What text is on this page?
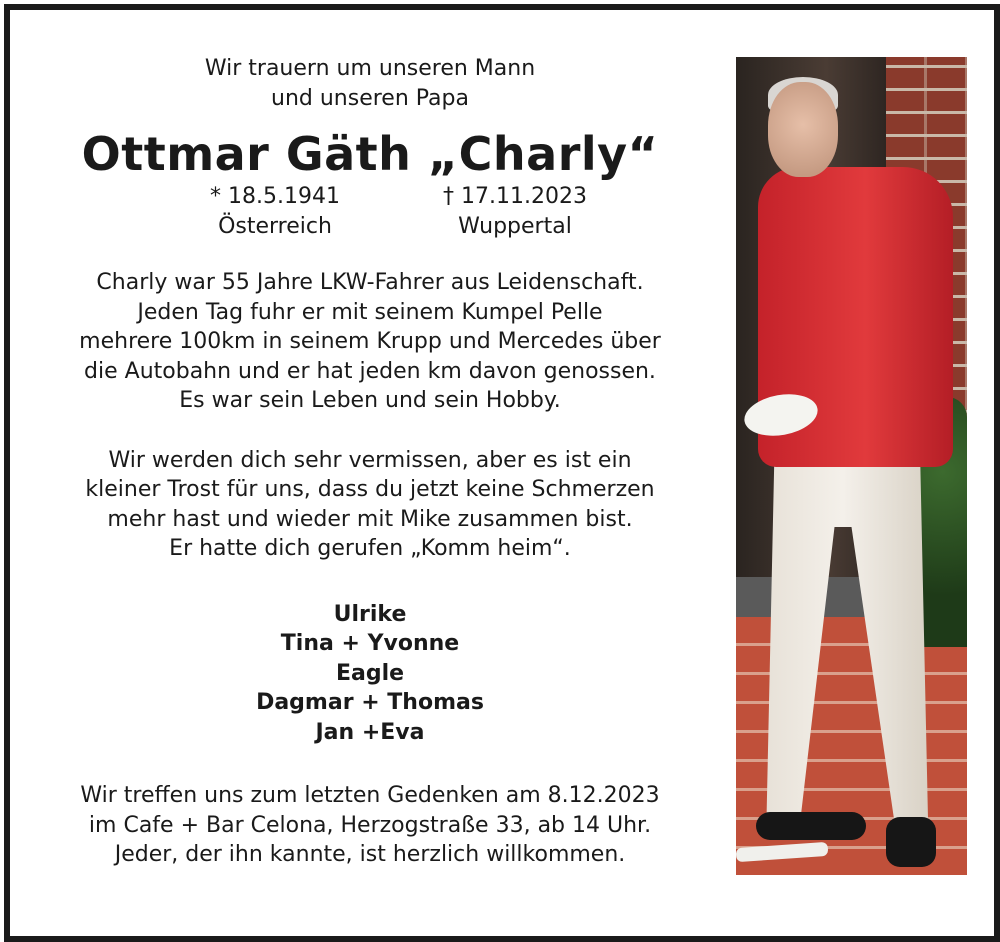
Wir trauern um unseren Mann
und unseren Papa

Ottmar Gäth „Charly“
* 18.5.1941
Österreich
† 17.11.2023
Wuppertal

Charly war 55 Jahre LKW-Fahrer aus Leidenschaft.
Jeden Tag fuhr er mit seinem Kumpel Pelle
mehrere 100km in seinem Krupp und Mercedes über
die Autobahn und er hat jeden km davon genossen.
Es war sein Leben und sein Hobby.

Wir werden dich sehr vermissen, aber es ist ein
kleiner Trost für uns, dass du jetzt keine Schmerzen
mehr hast und wieder mit Mike zusammen bist.
Er hatte dich gerufen „Komm heim“.

Ulrike
Tina + Yvonne
Eagle
Dagmar + Thomas
Jan +Eva

Wir treffen uns zum letzten Gedenken am 8.12.2023
im Cafe + Bar Celona, Herzogstraße 33, ab 14 Uhr.
Jeder, der ihn kannte, ist herzlich willkommen.
